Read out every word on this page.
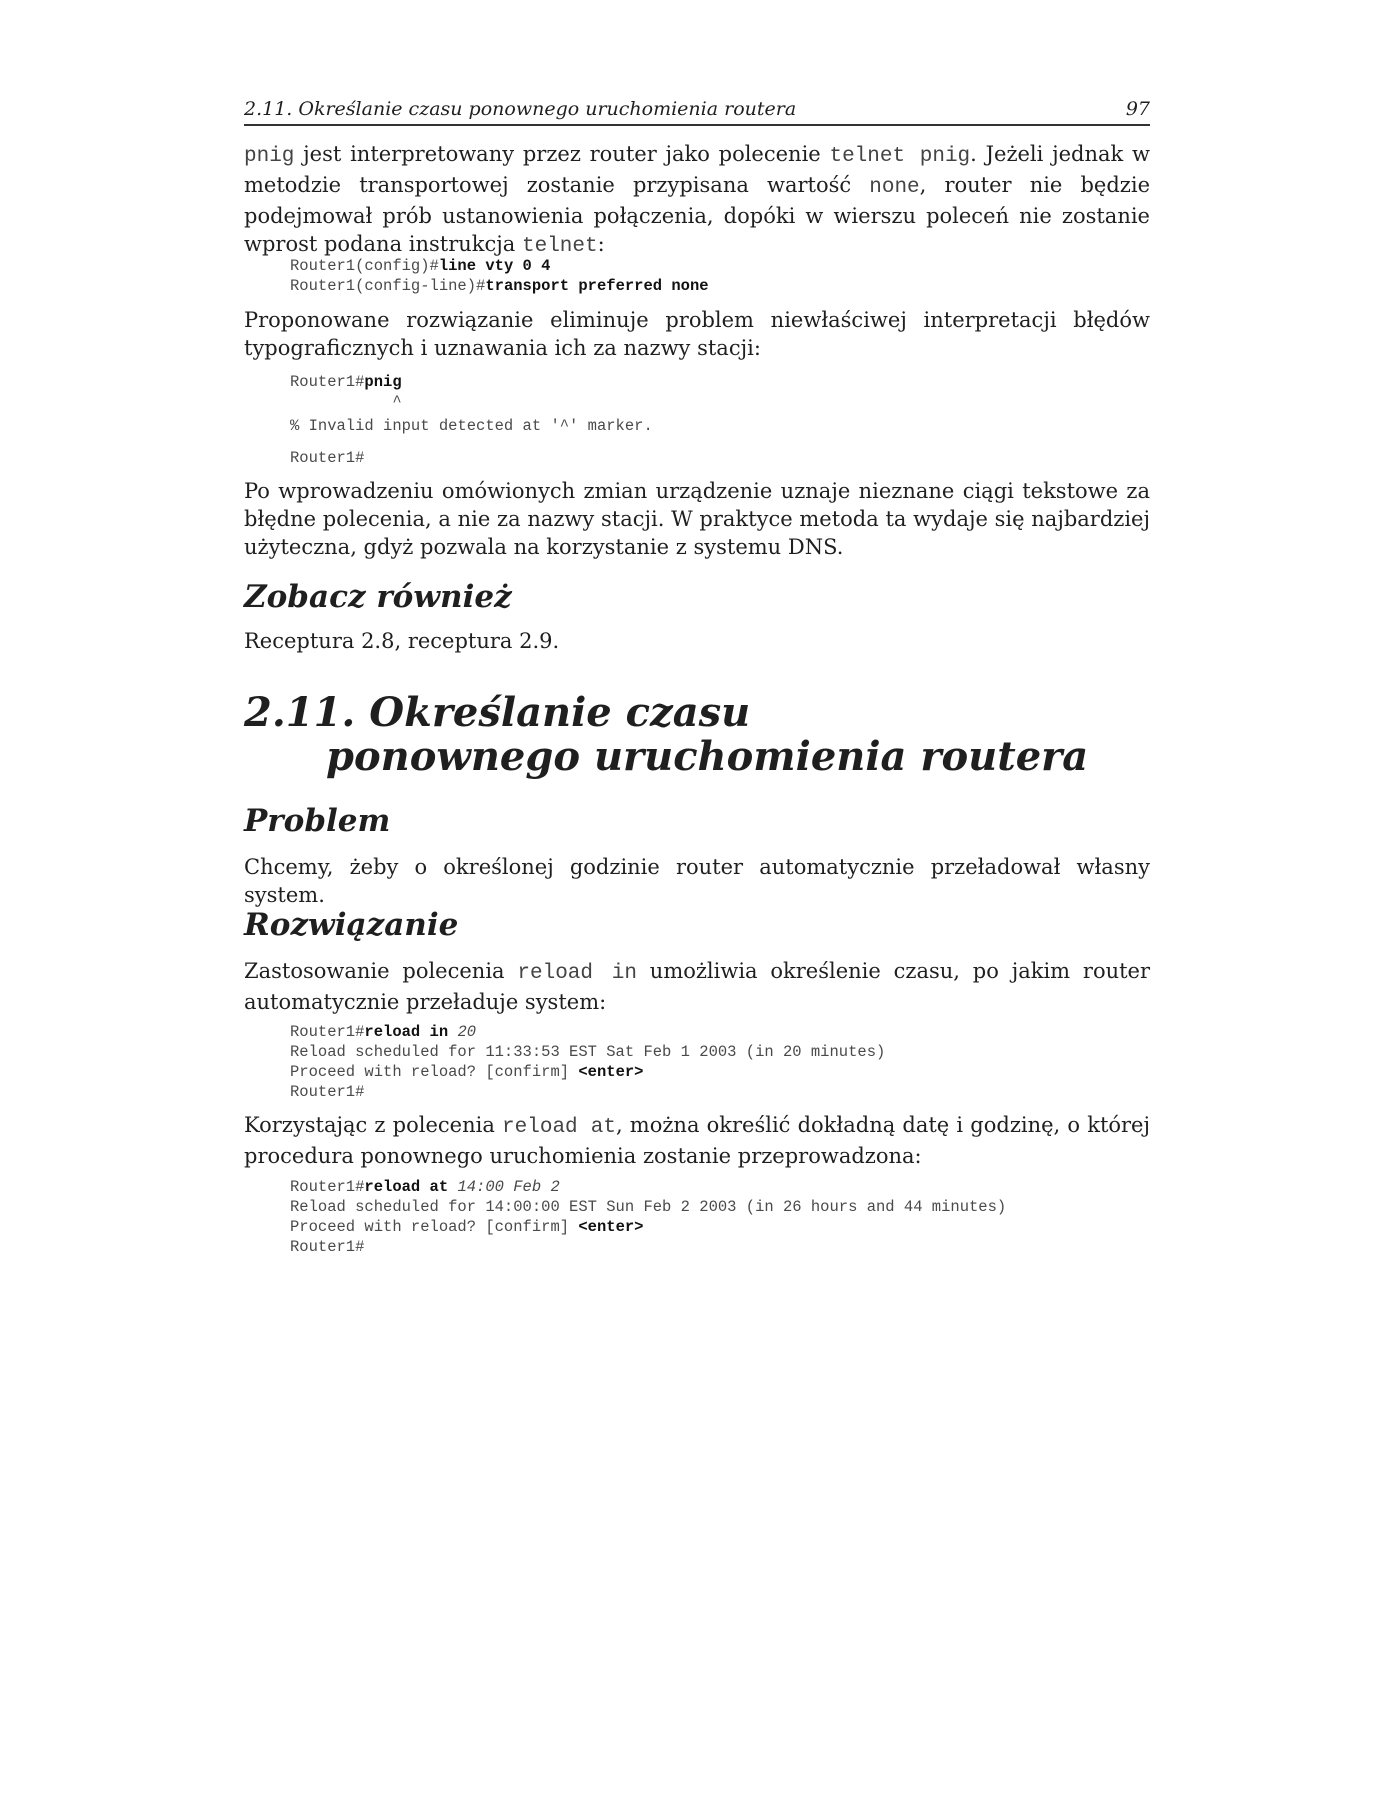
2.11. Określanie czasu ponownego uruchomienia routera	97
pnig jest interpretowany przez router jako polecenie telnet pnig. Jeżeli jednak w metodzie transportowej zostanie przypisana wartość none, router nie będzie podejmował prób ustanowienia połączenia, dopóki w wierszu poleceń nie zostanie wprost podana instrukcja telnet:
Router1(config)#line vty 0 4
Router1(config-line)#transport preferred none
Proponowane rozwiązanie eliminuje problem niewłaściwej interpretacji błędów typograficznych i uznawania ich za nazwy stacji:
Router1#pnig
^
% Invalid input detected at '^' marker.
Router1#
Po wprowadzeniu omówionych zmian urządzenie uznaje nieznane ciągi tekstowe za błędne polecenia, a nie za nazwy stacji. W praktyce metoda ta wydaje się najbardziej użyteczna, gdyż pozwala na korzystanie z systemu DNS.
Zobacz również
Receptura 2.8, receptura 2.9.
2.11. Określanie czasu
ponownego uruchomienia routera
Problem
Chcemy, żeby o określonej godzinie router automatycznie przeładował własny system.
Rozwiązanie
Zastosowanie polecenia reload in umożliwia określenie czasu, po jakim router automatycznie przeładuje system:
Router1#reload in 20
Reload scheduled for 11:33:53 EST Sat Feb 1 2003 (in 20 minutes)
Proceed with reload? [confirm] <enter>
Router1#
Korzystając z polecenia reload at, można określić dokładną datę i godzinę, o której procedura ponownego uruchomienia zostanie przeprowadzona:
Router1#reload at 14:00 Feb 2
Reload scheduled for 14:00:00 EST Sun Feb 2 2003 (in 26 hours and 44 minutes)
Proceed with reload? [confirm] <enter>
Router1#
